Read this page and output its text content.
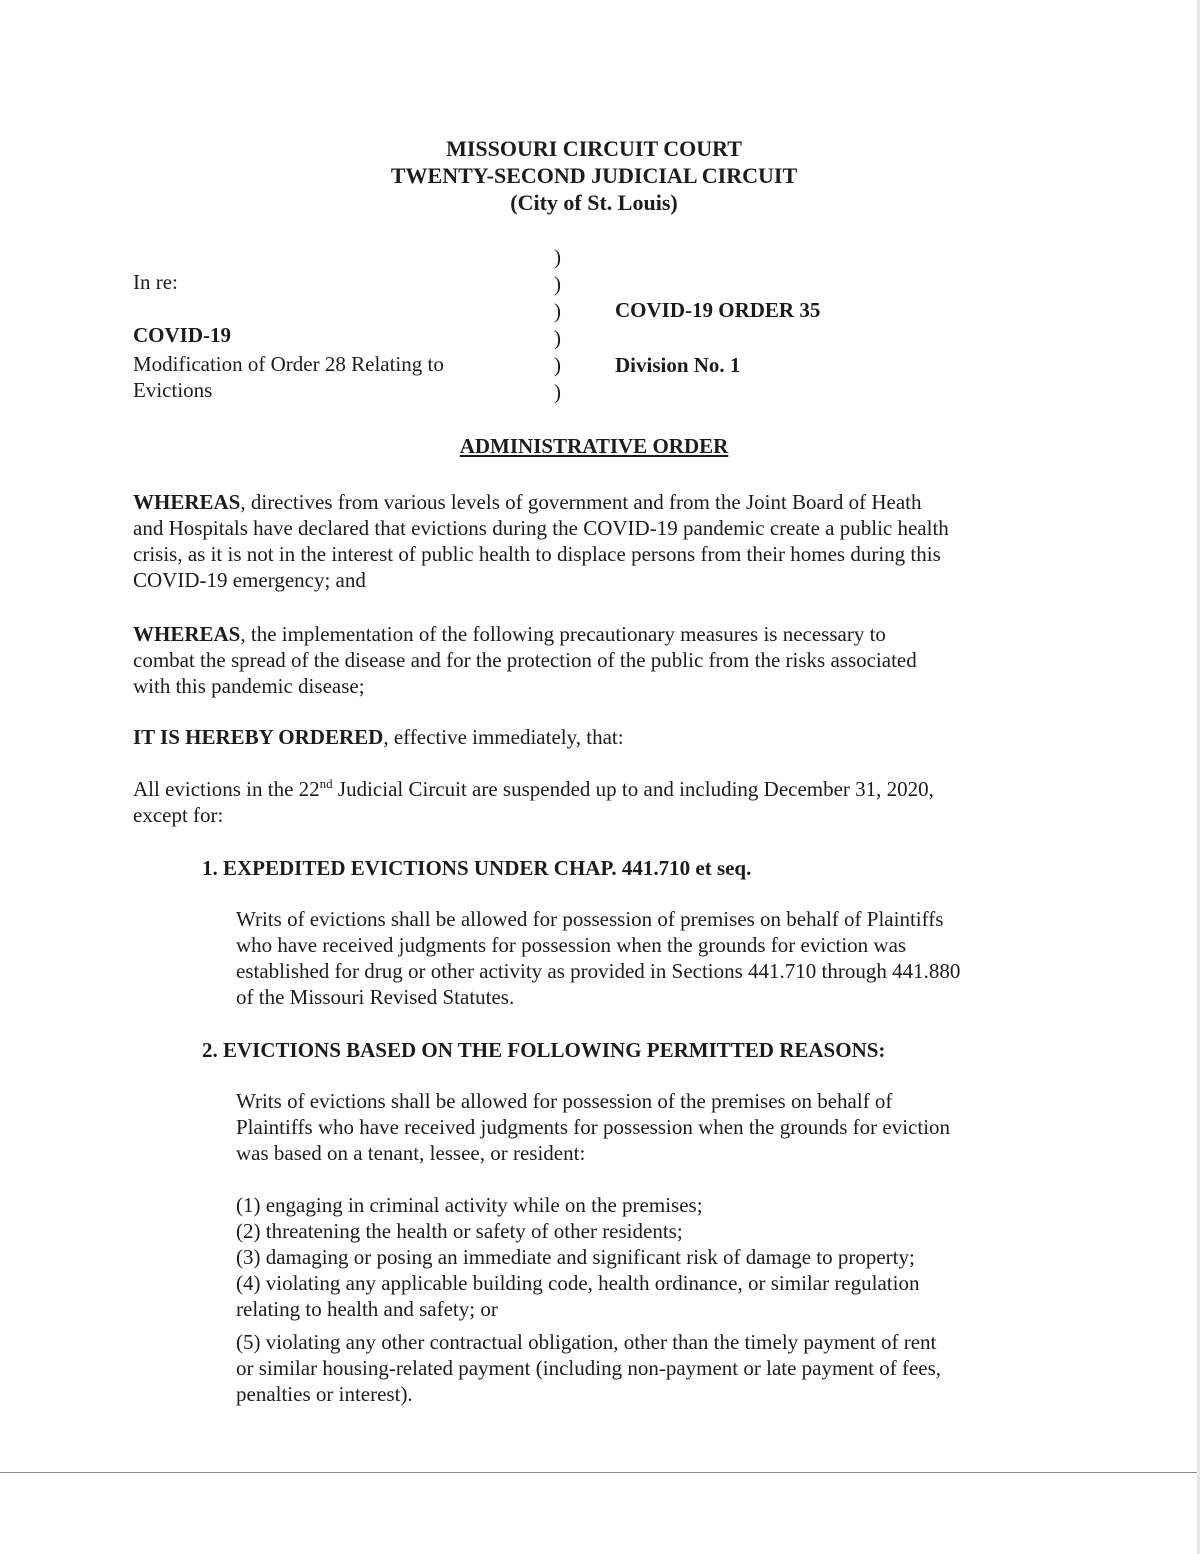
MISSOURI CIRCUIT COURT
TWENTY-SECOND JUDICIAL CIRCUIT
(City of St. Louis)
In re:
COVID-19
Modification of Order 28 Relating to
Evictions
)
)
)
)
)
)
COVID-19 ORDER 35
Division No. 1
ADMINISTRATIVE ORDER
WHEREAS, directives from various levels of government and from the Joint Board of Heath
and Hospitals have declared that evictions during the COVID-19 pandemic create a public health
crisis, as it is not in the interest of public health to displace persons from their homes during this
COVID-19 emergency; and
WHEREAS, the implementation of the following precautionary measures is necessary to
combat the spread of the disease and for the protection of the public from the risks associated
with this pandemic disease;
IT IS HEREBY ORDERED, effective immediately, that:
All evictions in the 22nd Judicial Circuit are suspended up to and including December 31, 2020,
except for:
1. EXPEDITED EVICTIONS UNDER CHAP. 441.710 et seq.
Writs of evictions shall be allowed for possession of premises on behalf of Plaintiffs
who have received judgments for possession when the grounds for eviction was
established for drug or other activity as provided in Sections 441.710 through 441.880
of the Missouri Revised Statutes.
2. EVICTIONS BASED ON THE FOLLOWING PERMITTED REASONS:
Writs of evictions shall be allowed for possession of the premises on behalf of
Plaintiffs who have received judgments for possession when the grounds for eviction
was based on a tenant, lessee, or resident:
(1) engaging in criminal activity while on the premises;
(2) threatening the health or safety of other residents;
(3) damaging or posing an immediate and significant risk of damage to property;
(4) violating any applicable building code, health ordinance, or similar regulation
relating to health and safety; or
(5) violating any other contractual obligation, other than the timely payment of rent
or similar housing-related payment (including non-payment or late payment of fees,
penalties or interest).
